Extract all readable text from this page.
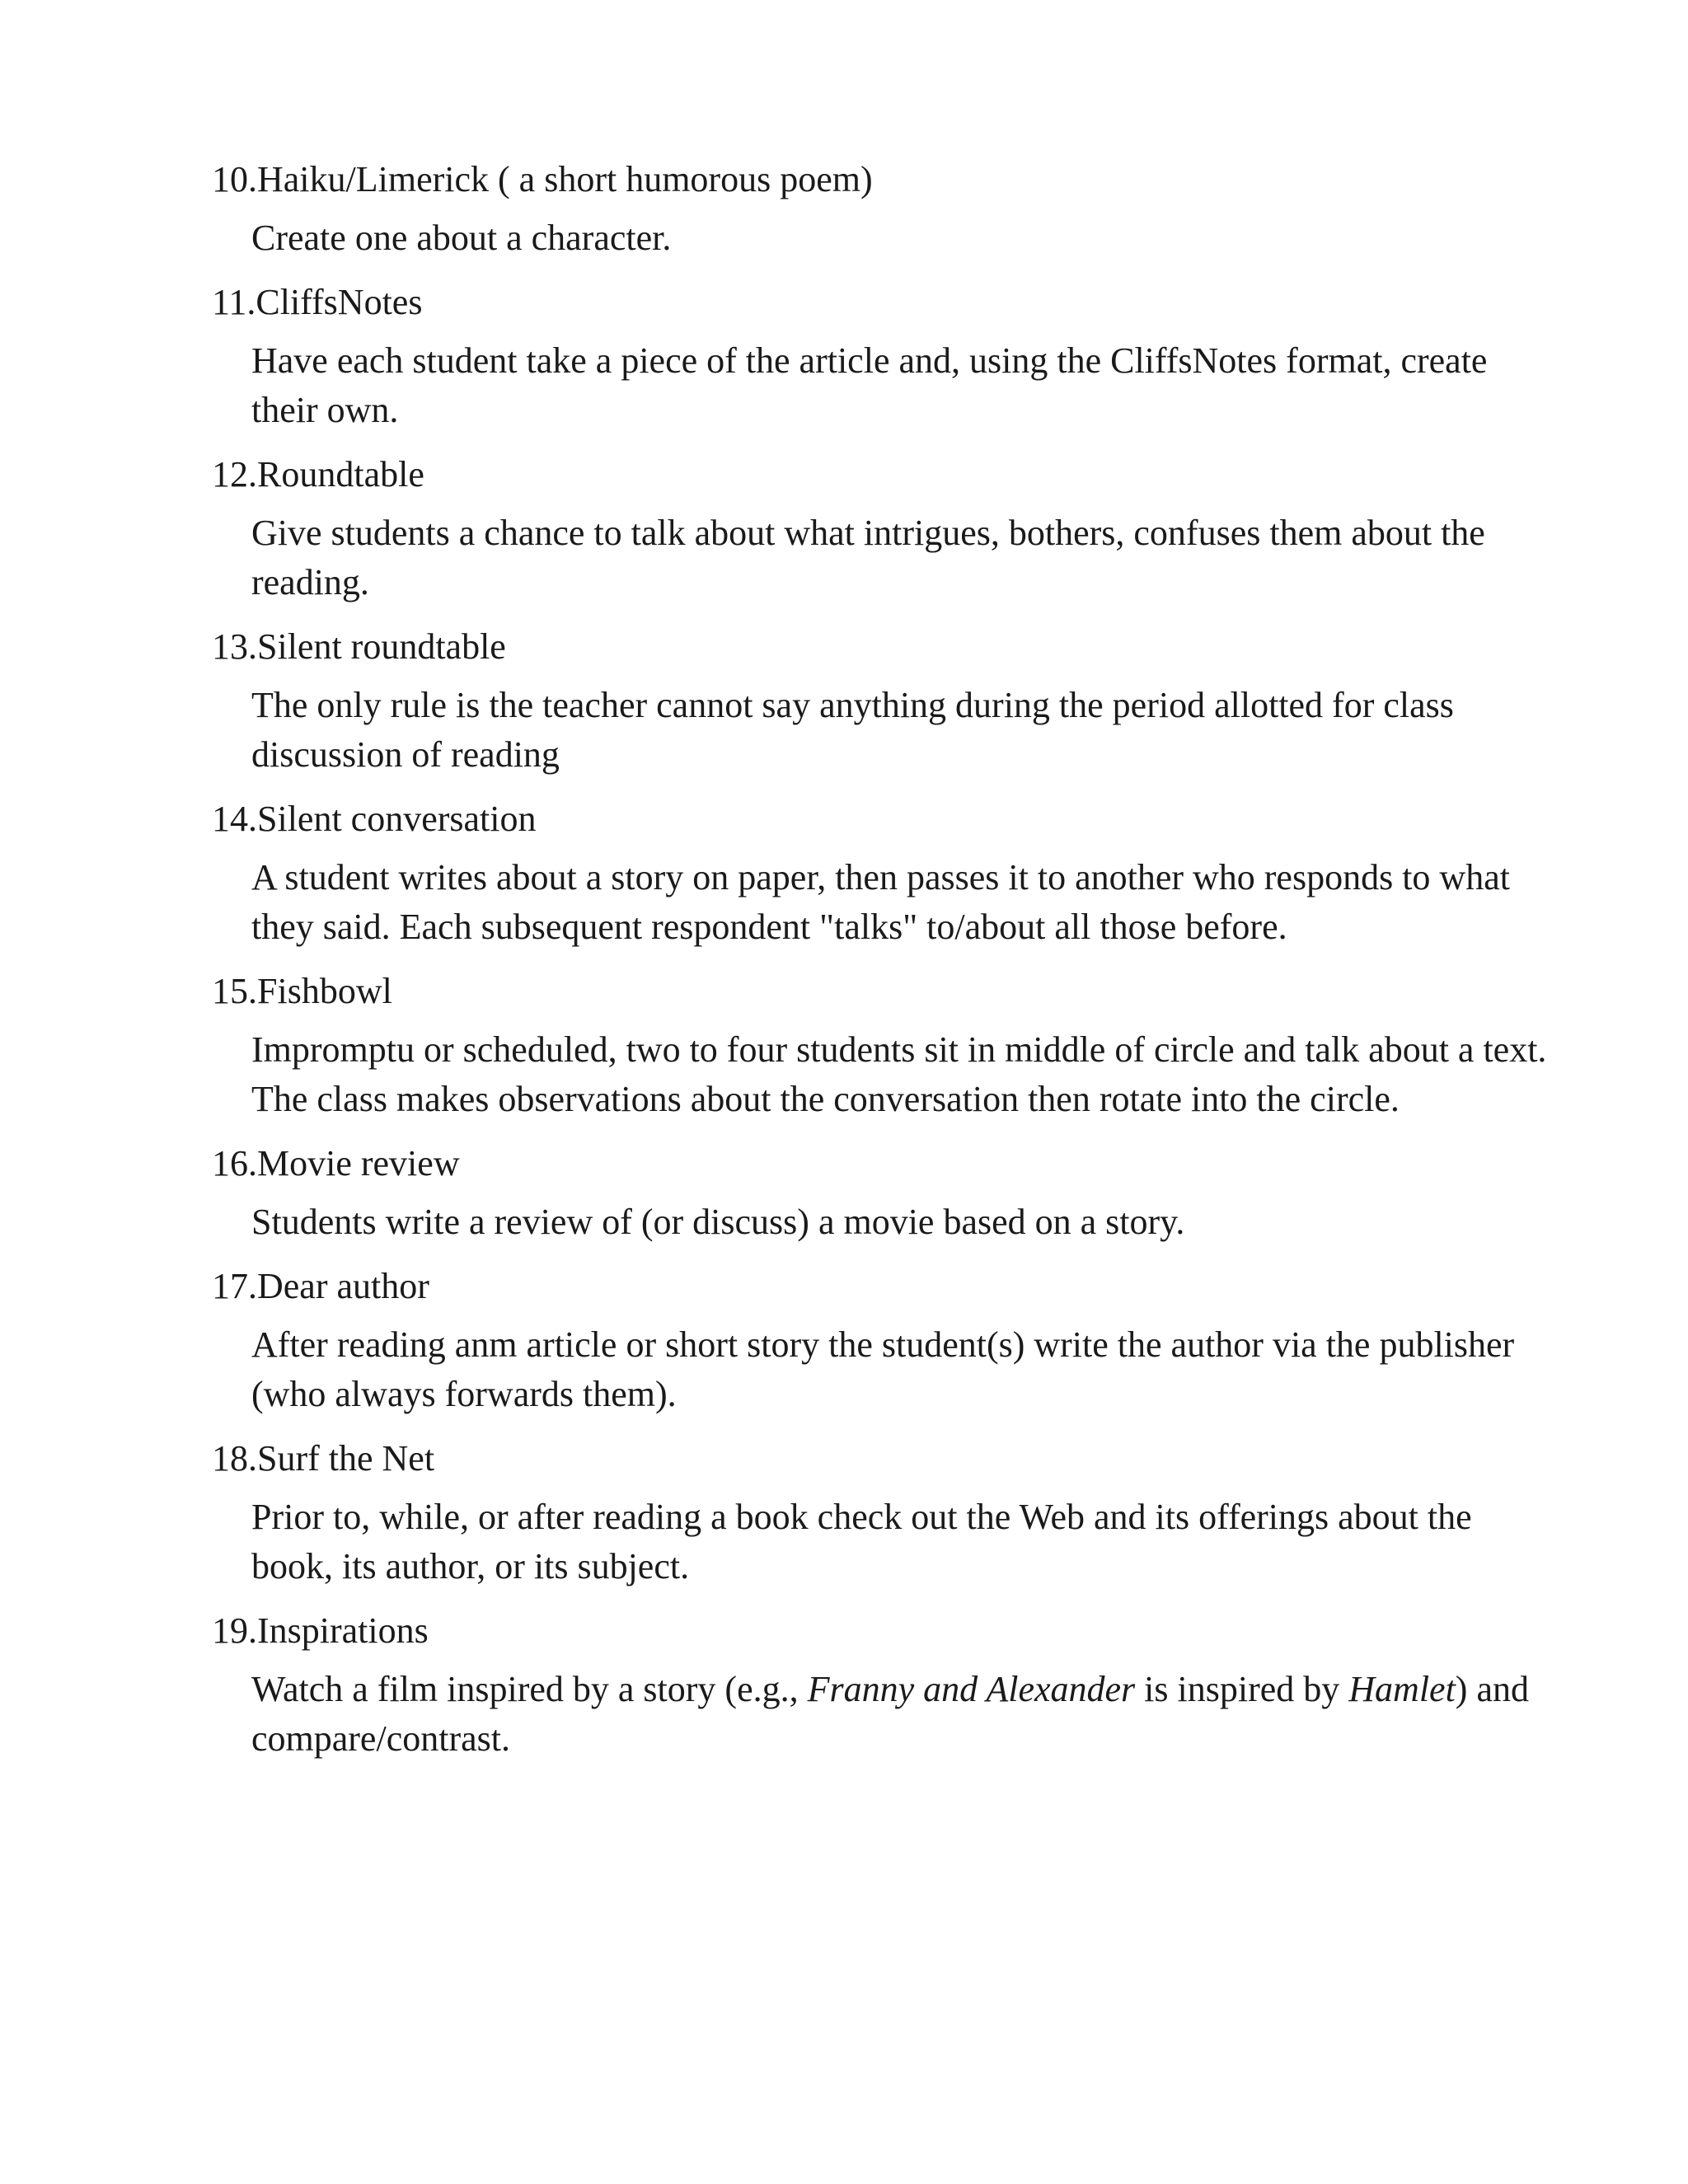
10.Haiku/Limerick ( a short humorous poem)

Create one about a character.

11.CliffsNotes

Have each student take a piece of the article and, using the CliffsNotes format, create their own.

12.Roundtable

Give students a chance to talk about what intrigues, bothers, confuses them about the reading.

13.Silent roundtable

The only rule is the teacher cannot say anything during the period allotted for class discussion of reading

14.Silent conversation

A student writes about a story on paper, then passes it to another who responds to what they said. Each subsequent respondent "talks" to/about all those before.

15.Fishbowl

Impromptu or scheduled, two to four students sit in middle of circle and talk about a text. The class makes observations about the conversation then rotate into the circle.

16.Movie review

Students write a review of (or discuss) a movie based on a story.

17.Dear author

After reading anm article or short story the student(s) write the author via the publisher (who always forwards them).

18.Surf the Net

Prior to, while, or after reading a book check out the Web and its offerings about the book, its author, or its subject.

19.Inspirations

Watch a film inspired by a story (e.g., Franny and Alexander is inspired by Hamlet) and compare/contrast.
